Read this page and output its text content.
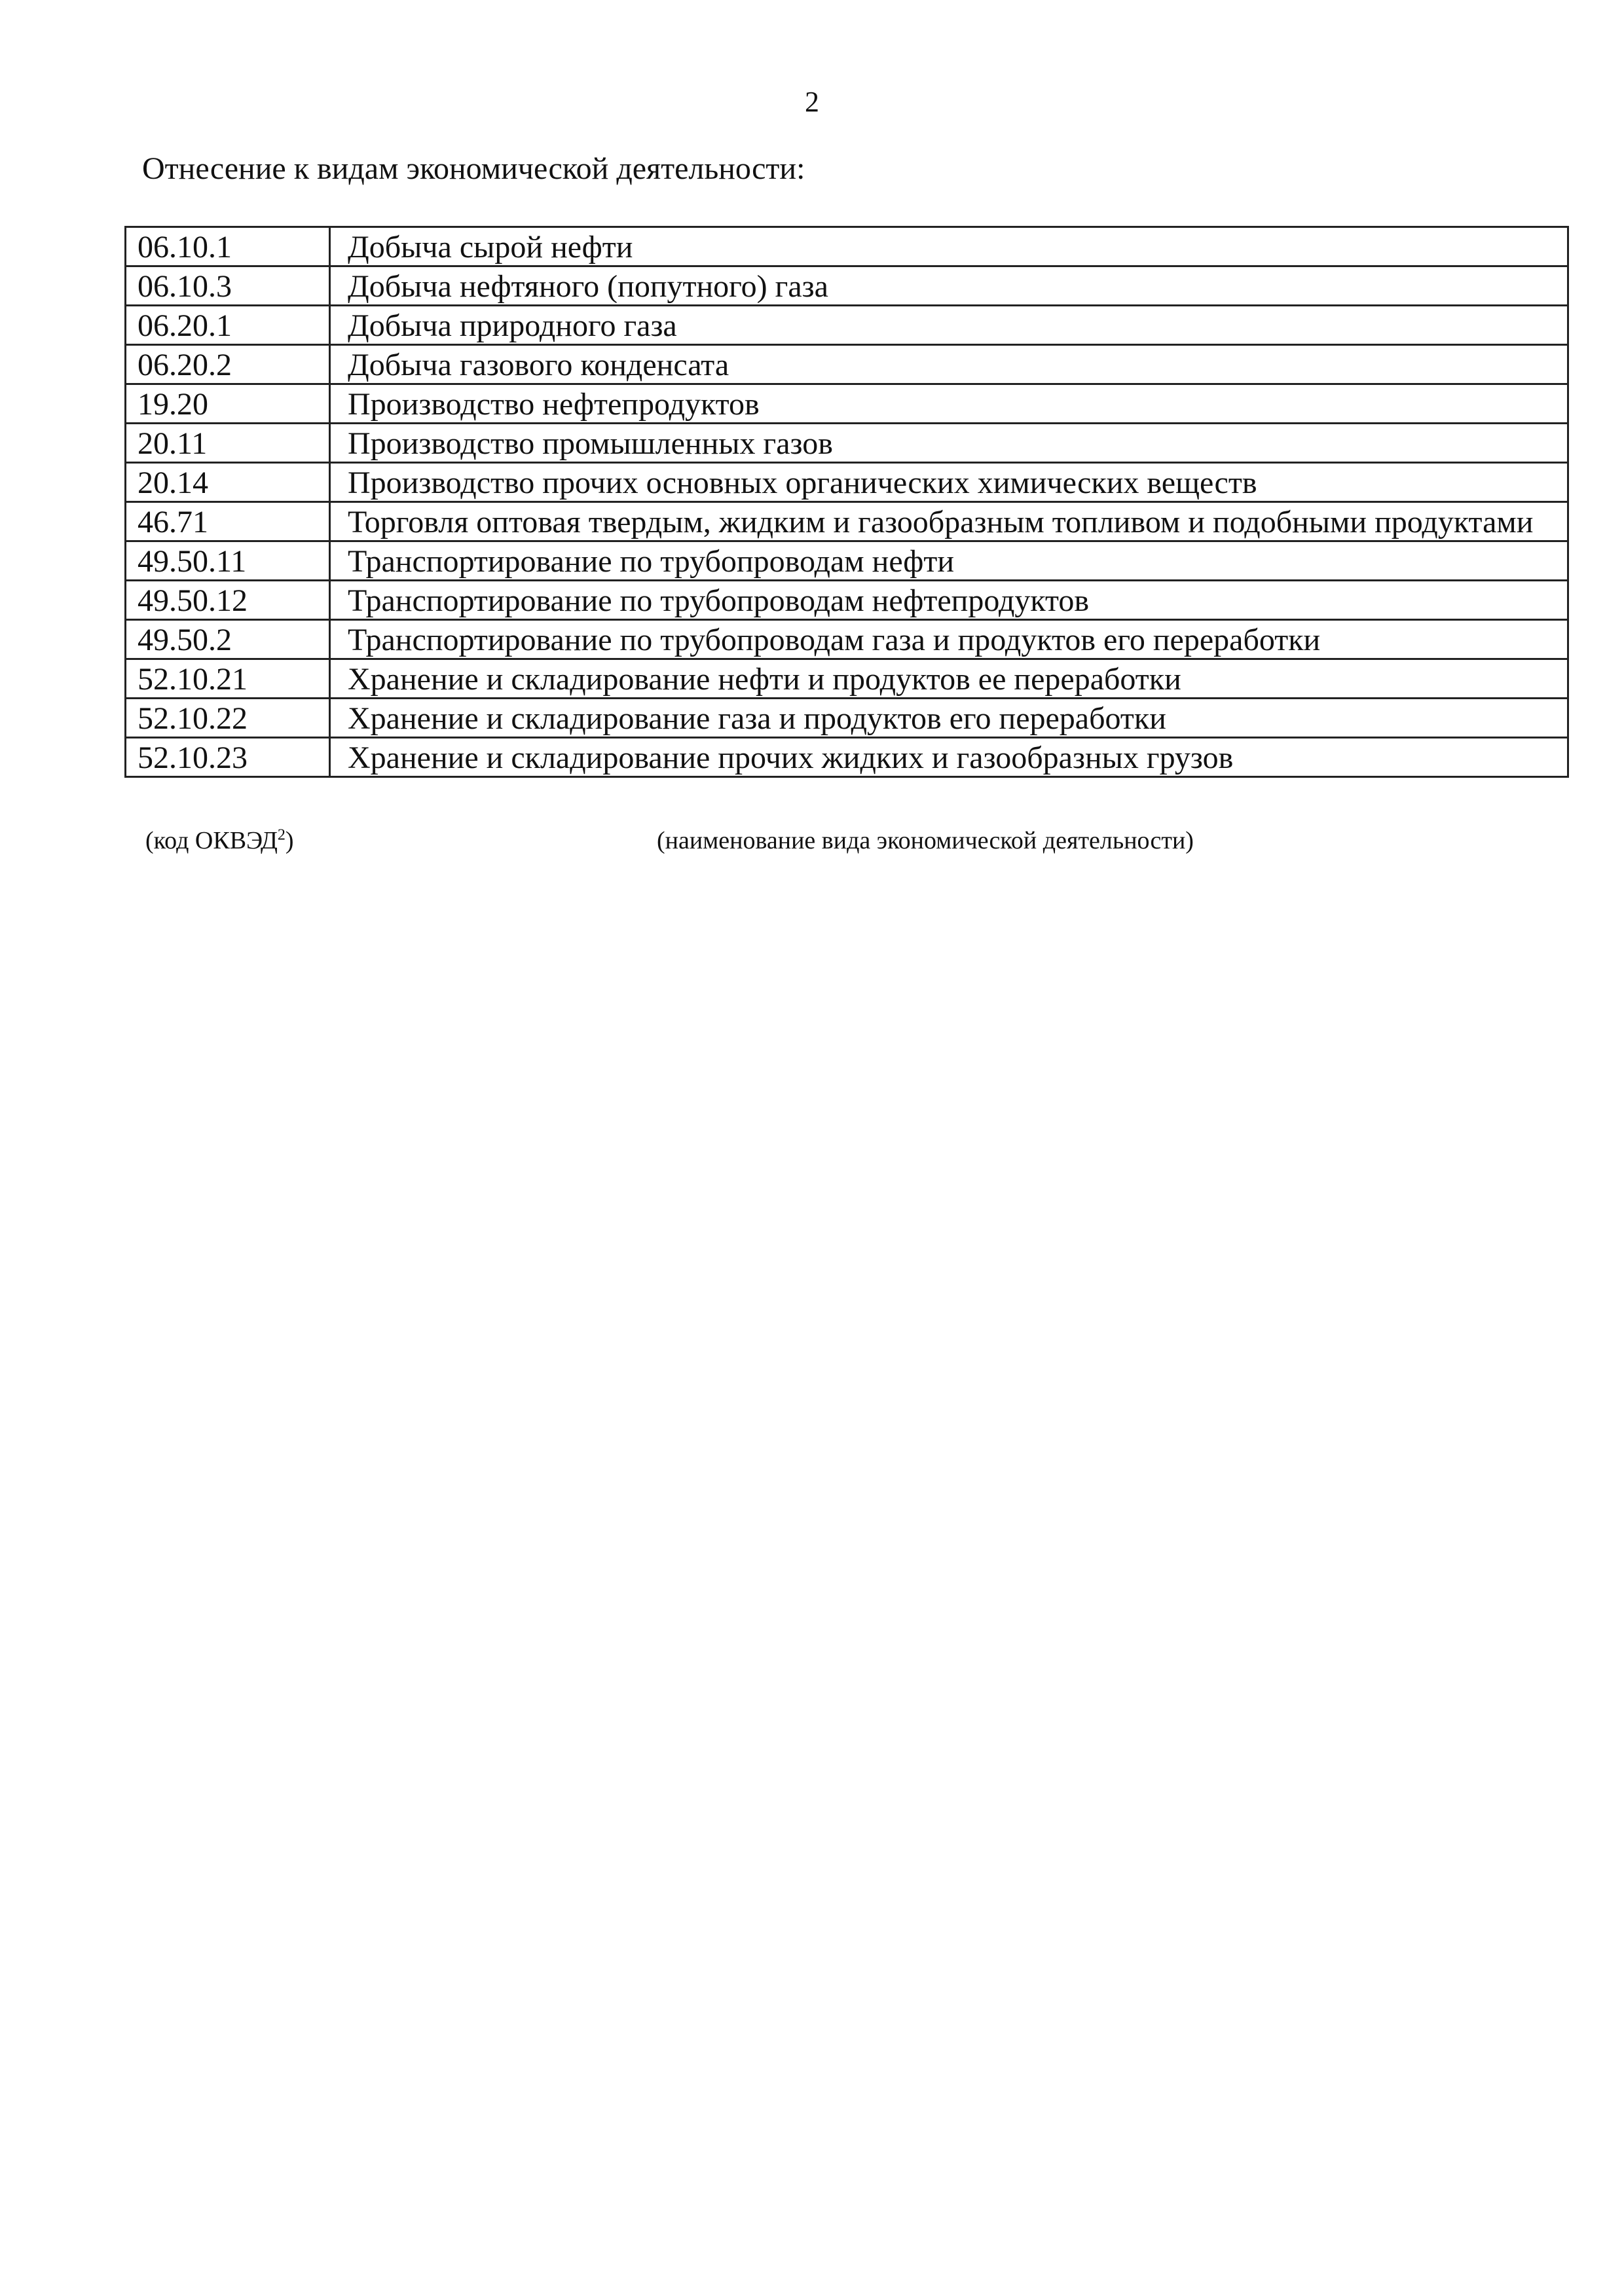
2
Отнесение к видам экономической деятельности:
06.10.1	Добыча сырой нефти
06.10.3	Добыча нефтяного (попутного) газа
06.20.1	Добыча природного газа
06.20.2	Добыча газового конденсата
19.20	Производство нефтепродуктов
20.11	Производство промышленных газов
20.14	Производство прочих основных органических химических веществ
46.71	Торговля оптовая твердым, жидким и газообразным топливом и подобными продуктами
49.50.11	Транспортирование по трубопроводам нефти
49.50.12	Транспортирование по трубопроводам нефтепродуктов
49.50.2	Транспортирование по трубопроводам газа и продуктов его переработки
52.10.21	Хранение и складирование нефти и продуктов ее переработки
52.10.22	Хранение и складирование газа и продуктов его переработки
52.10.23	Хранение и складирование прочих жидких и газообразных грузов
(код ОКВЭД$^2$)	(наименование вида экономической деятельности)
